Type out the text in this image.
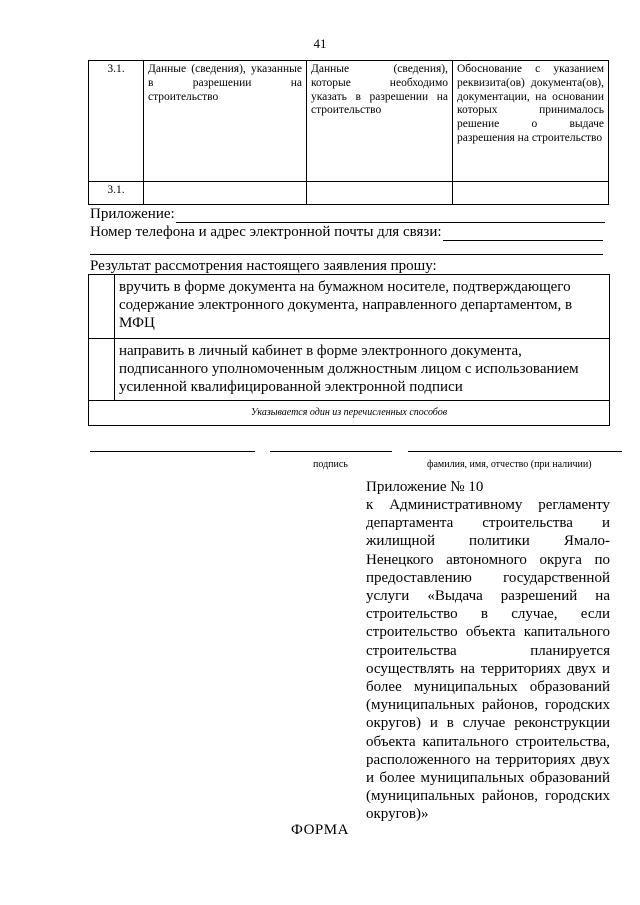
41
3.1.	Данные (сведения), указанные в разрешении на строительство	Данные (сведения), которые необходимо указать в разрешении на строительство	Обоснование с указанием реквизита(ов) документа(ов), документации, на основании которых принималось решение о выдаче разрешения на строительство
3.1.			
Приложение:
Номер телефона и адрес электронной почты для связи:
Результат рассмотрения настоящего заявления прошу:
	вручить в форме документа на бумажном носителе, подтверждающего содержание электронного документа, направленного департаментом, в МФЦ
	направить в личный кабинет в форме электронного документа, подписанного уполномоченным должностным лицом с использованием усиленной квалифицированной электронной подписи
Указывается один из перечисленных способов	
подпись	фамилия, имя, отчество (при наличии)
Приложение № 10
к Административному регламенту департамента строительства и жилищной политики Ямало-Ненецкого автономного округа по предоставлению государственной услуги «Выдача разрешений на строительство в случае, если строительство объекта капитального строительства планируется осуществлять на территориях двух и более муниципальных образований (муниципальных районов, городских округов) и в случае реконструкции объекта капитального строительства, расположенного на территориях двух и более муниципальных образований (муниципальных районов, городских округов)»
ФОРМА
